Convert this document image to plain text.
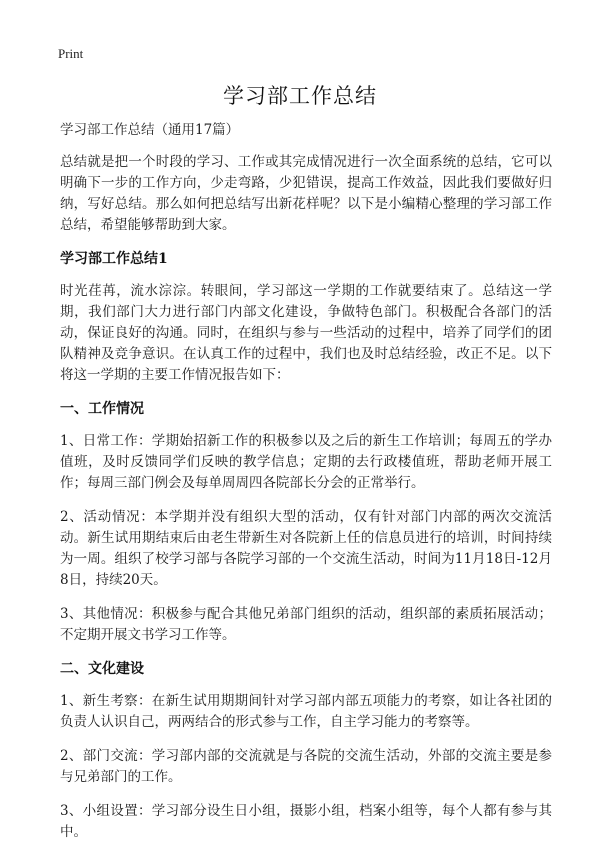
Print
学习部工作总结
学习部工作总结（通用17篇）

总结就是把一个时段的学习、工作或其完成情况进行一次全面系统的总结，它可以明确下一步的工作方向，少走弯路，少犯错误，提高工作效益，因此我们要做好归纳，写好总结。那么如何把总结写出新花样呢？以下是小编精心整理的学习部工作总结，希望能够帮助到大家。

学习部工作总结1

时光荏苒，流水淙淙。转眼间，学习部这一学期的工作就要结束了。总结这一学期，我们部门大力进行部门内部文化建设，争做特色部门。积极配合各部门的活动，保证良好的沟通。同时，在组织与参与一些活动的过程中，培养了同学们的团队精神及竞争意识。在认真工作的过程中，我们也及时总结经验，改正不足。以下将这一学期的主要工作情况报告如下：

一、工作情况

1、日常工作：学期始招新工作的积极参以及之后的新生工作培训；每周五的学办值班，及时反馈同学们反映的教学信息；定期的去行政楼值班，帮助老师开展工作；每周三部门例会及每单周周四各院部长分会的正常举行。

2、活动情况：本学期并没有组织大型的活动，仅有针对部门内部的两次交流活动。新生试用期结束后由老生带新生对各院新上任的信息员进行的培训，时间持续为一周。组织了校学习部与各院学习部的一个交流生活动，时间为11月18日-12月8日，持续20天。

3、其他情况：积极参与配合其他兄弟部门组织的活动，组织部的素质拓展活动；不定期开展文书学习工作等。

二、文化建设

1、新生考察：在新生试用期期间针对学习部内部五项能力的考察，如让各社团的负责人认识自己，两两结合的形式参与工作，自主学习能力的考察等。

2、部门交流：学习部内部的交流就是与各院的交流生活动，外部的交流主要是参与兄弟部门的工作。

3、小组设置：学习部分设生日小组，摄影小组，档案小组等，每个人都有参与其中。
